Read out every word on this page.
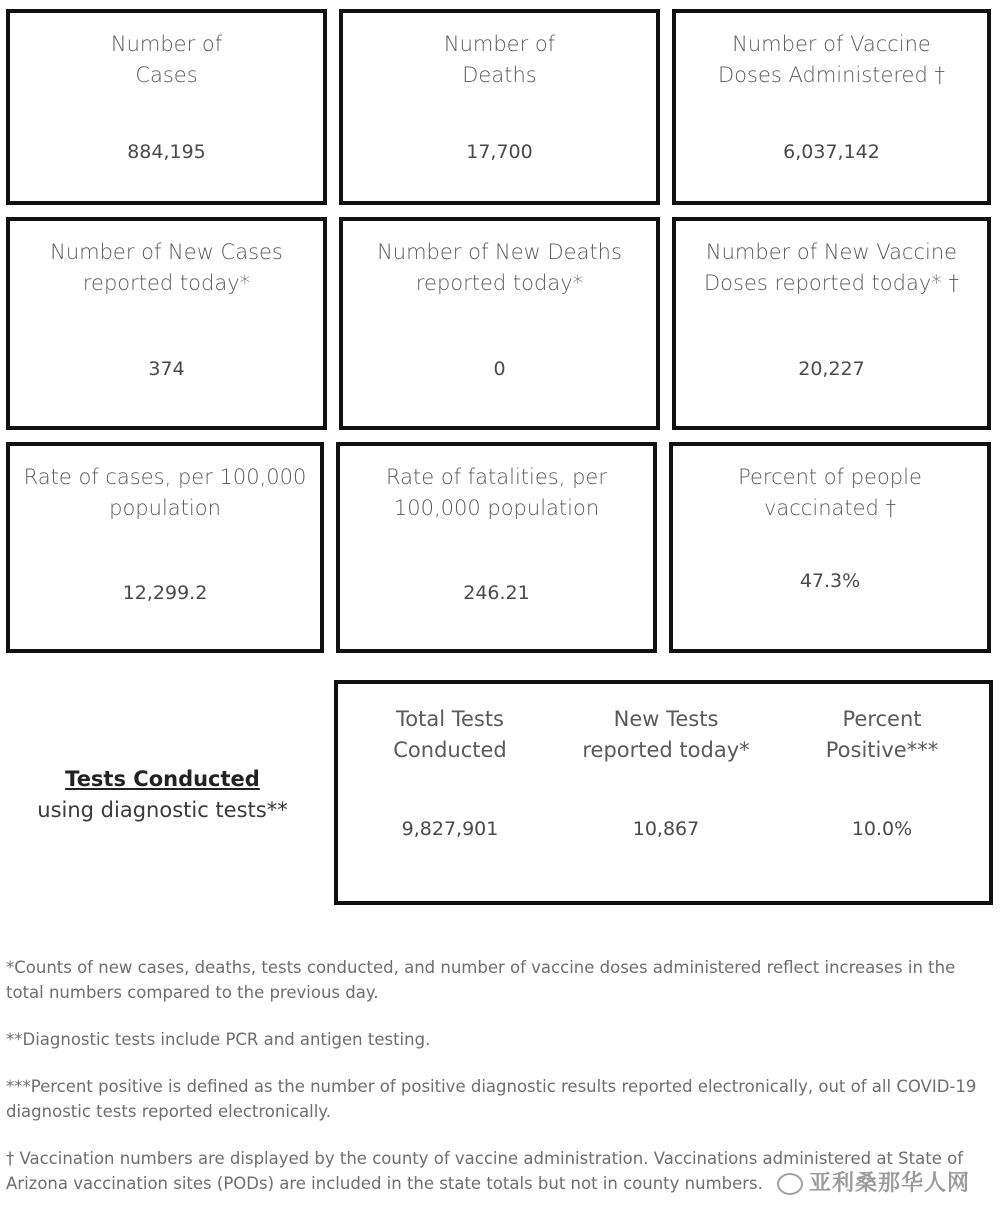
Number of
Cases
884,195
Number of
Deaths
17,700
Number of Vaccine
Doses Administered †
6,037,142
Number of New Cases
reported today*
374
Number of New Deaths
reported today*
0
Number of New Vaccine
Doses reported today* †
20,227
Rate of cases, per 100,000
population
12,299.2
Rate of fatalities, per
100,000 population
246.21
Percent of people
vaccinated †
47.3%
Tests Conducted
using diagnostic tests**
Total Tests
Conducted
9,827,901
New Tests
reported today*
10,867
Percent
Positive***
10.0%

*Counts of new cases, deaths, tests conducted, and number of vaccine doses administered reflect increases in the total numbers compared to the previous day.

**Diagnostic tests include PCR and antigen testing.

***Percent positive is defined as the number of positive diagnostic results reported electronically, out of all COVID-19 diagnostic tests reported electronically.

† Vaccination numbers are displayed by the county of vaccine administration. Vaccinations administered at State of Arizona vaccination sites (PODs) are included in the state totals but not in county numbers.	亚利桑那华人网
